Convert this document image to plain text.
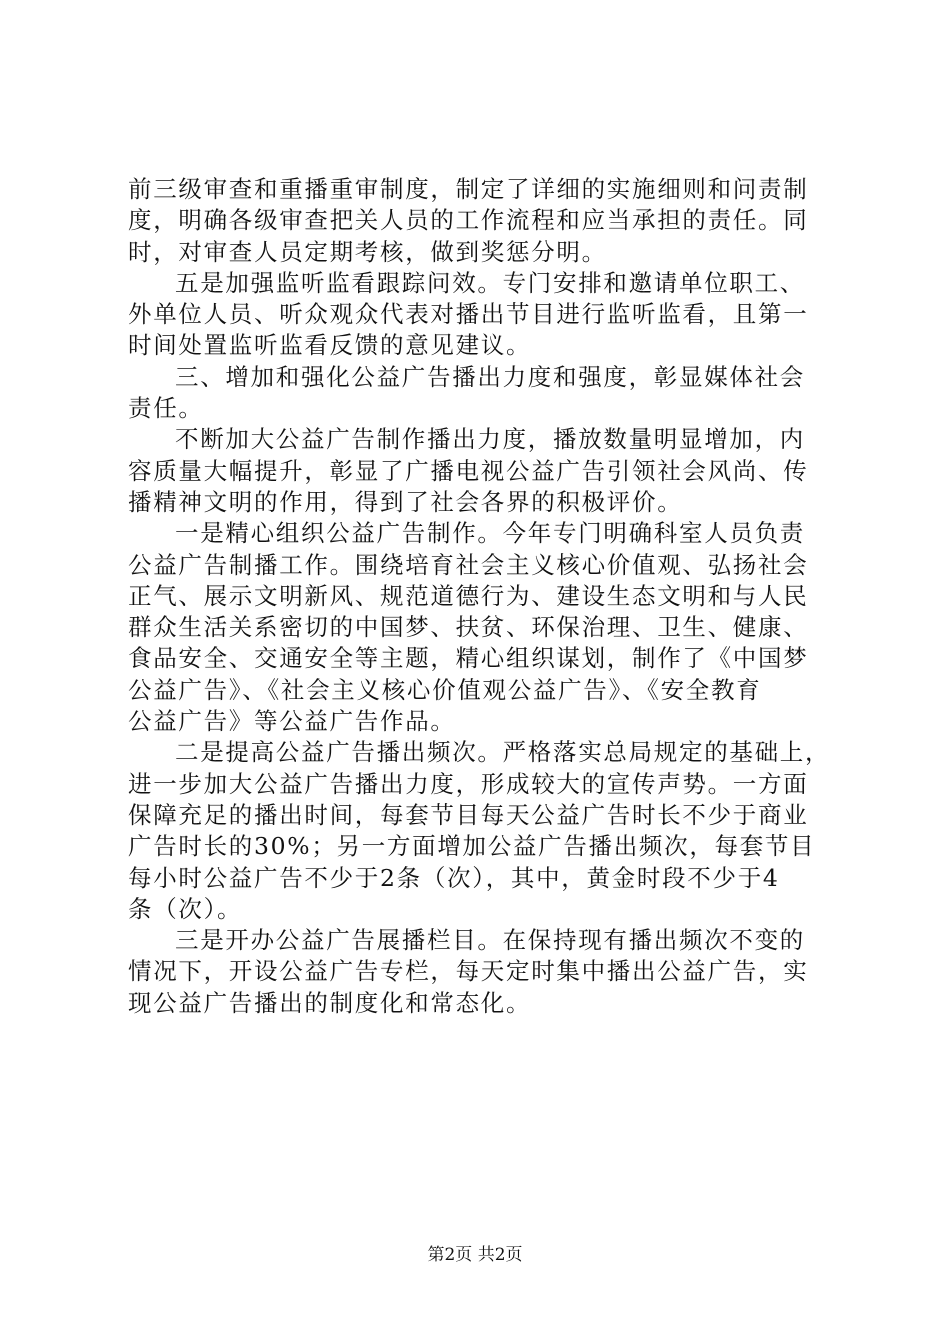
前三级审查和重播重审制度，制定了详细的实施细则和问责制
度，明确各级审查把关人员的工作流程和应当承担的责任。同
时，对审查人员定期考核，做到奖惩分明。
五是加强监听监看跟踪问效。专门安排和邀请单位职工、
外单位人员、听众观众代表对播出节目进行监听监看，且第一
时间处置监听监看反馈的意见建议。
三、增加和强化公益广告播出力度和强度，彰显媒体社会
责任。
不断加大公益广告制作播出力度，播放数量明显增加，内
容质量大幅提升，彰显了广播电视公益广告引领社会风尚、传
播精神文明的作用，得到了社会各界的积极评价。
一是精心组织公益广告制作。今年专门明确科室人员负责
公益广告制播工作。围绕培育社会主义核心价值观、弘扬社会
正气、展示文明新风、规范道德行为、建设生态文明和与人民
群众生活关系密切的中国梦、扶贫、环保治理、卫生、健康、
食品安全、交通安全等主题，精心组织谋划，制作了《中国梦
公益广告》、《社会主义核心价值观公益广告》、《安全教育
公益广告》等公益广告作品。
二是提高公益广告播出频次。严格落实总局规定的基础上，
进一步加大公益广告播出力度，形成较大的宣传声势。一方面
保障充足的播出时间，每套节目每天公益广告时长不少于商业
广告时长的30%；另一方面增加公益广告播出频次，每套节目
每小时公益广告不少于2条（次），其中，黄金时段不少于4
条（次）。
三是开办公益广告展播栏目。在保持现有播出频次不变的
情况下，开设公益广告专栏，每天定时集中播出公益广告，实
现公益广告播出的制度化和常态化。
第2页 共2页
